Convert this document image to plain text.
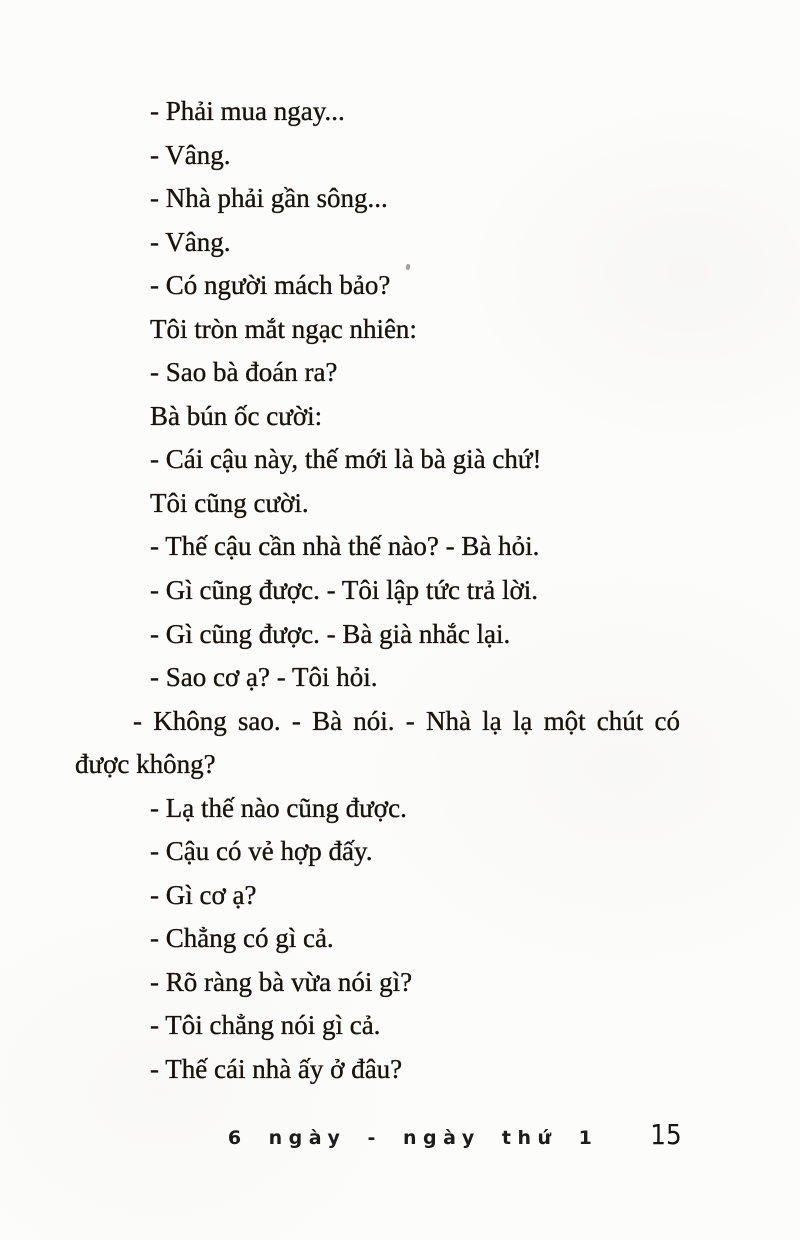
- Phải mua ngay...
- Vâng.
- Nhà phải gần sông...
- Vâng.
- Có người mách bảo?
Tôi tròn mắt ngạc nhiên:
- Sao bà đoán ra?
Bà bún ốc cười:
- Cái cậu này, thế mới là bà già chứ!
Tôi cũng cười.
- Thế cậu cần nhà thế nào? - Bà hỏi.
- Gì cũng được. - Tôi lập tức trả lời.
- Gì cũng được. - Bà già nhắc lại.
- Sao cơ ạ? - Tôi hỏi.
- Không sao. - Bà nói. - Nhà lạ lạ một chút có
được không?
- Lạ thế nào cũng được.
- Cậu có vẻ hợp đấy.
- Gì cơ ạ?
- Chẳng có gì cả.
- Rõ ràng bà vừa nói gì?
- Tôi chẳng nói gì cả.
- Thế cái nhà ấy ở đâu?
6 ngày - ngày thứ 1 15
